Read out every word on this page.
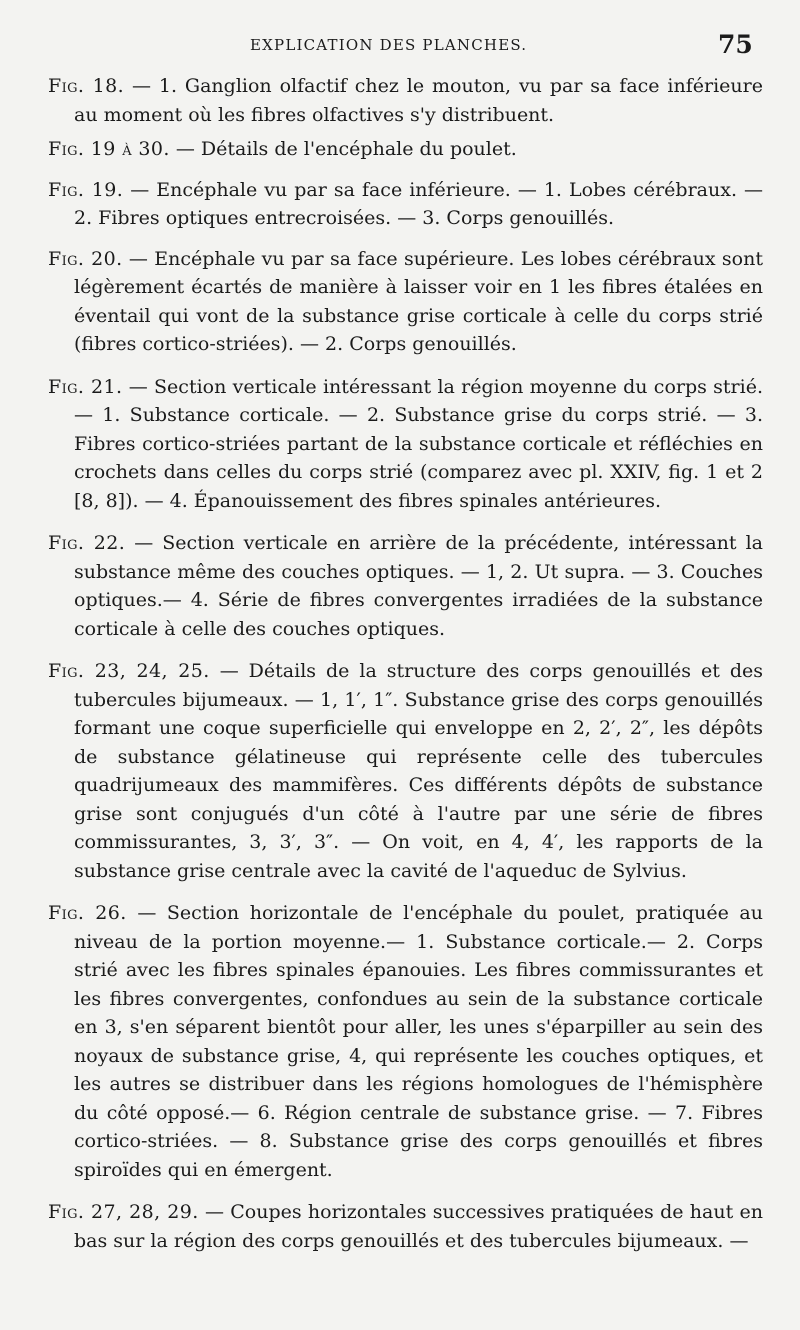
EXPLICATION DES PLANCHES.	75

Fig. 18. — 1. Ganglion olfactif chez le mouton, vu par sa face inférieure au moment où les fibres olfactives s'y distribuent.

Fig. 19 à 30. — Détails de l'encéphale du poulet.

Fig. 19. — Encéphale vu par sa face inférieure. — 1. Lobes cérébraux. — 2. Fibres optiques entrecroisées. — 3. Corps genouillés.

Fig. 20. — Encéphale vu par sa face supérieure. Les lobes cérébraux sont légèrement écartés de manière à laisser voir en 1 les fibres étalées en éventail qui vont de la substance grise corticale à celle du corps strié (fibres cortico-striées). — 2. Corps genouillés.

Fig. 21. — Section verticale intéressant la région moyenne du corps strié.— 1. Substance corticale. — 2. Substance grise du corps strié. — 3. Fibres cortico-striées partant de la substance corticale et réfléchies en crochets dans celles du corps strié (comparez avec pl. XXIV, fig. 1 et 2 [8, 8]). — 4. Épanouissement des fibres spinales antérieures.

Fig. 22. — Section verticale en arrière de la précédente, intéressant la substance même des couches optiques. — 1, 2. Ut supra. — 3. Couches optiques.— 4. Série de fibres convergentes irradiées de la substance corticale à celle des couches optiques.

Fig. 23, 24, 25. — Détails de la structure des corps genouillés et des tubercules bijumeaux. — 1, 1′, 1″. Substance grise des corps genouillés formant une coque superficielle qui enveloppe en 2, 2′, 2″, les dépôts de substance gélatineuse qui représente celle des tubercules quadrijumeaux des mammifères. Ces différents dépôts de substance grise sont conjugués d'un côté à l'autre par une série de fibres commissurantes, 3, 3′, 3″. — On voit, en 4, 4′, les rapports de la substance grise centrale avec la cavité de l'aqueduc de Sylvius.

Fig. 26. — Section horizontale de l'encéphale du poulet, pratiquée au niveau de la portion moyenne.— 1. Substance corticale.— 2. Corps strié avec les fibres spinales épanouies. Les fibres commissurantes et les fibres convergentes, confondues au sein de la substance corticale en 3, s'en séparent bientôt pour aller, les unes s'éparpiller au sein des noyaux de substance grise, 4, qui représente les couches optiques, et les autres se distribuer dans les régions homologues de l'hémisphère du côté opposé.— 6. Région centrale de substance grise. — 7. Fibres cortico-striées. — 8. Substance grise des corps genouillés et fibres spiroïdes qui en émergent.

Fig. 27, 28, 29. — Coupes horizontales successives pratiquées de haut en bas sur la région des corps genouillés et des tubercules bijumeaux. —
